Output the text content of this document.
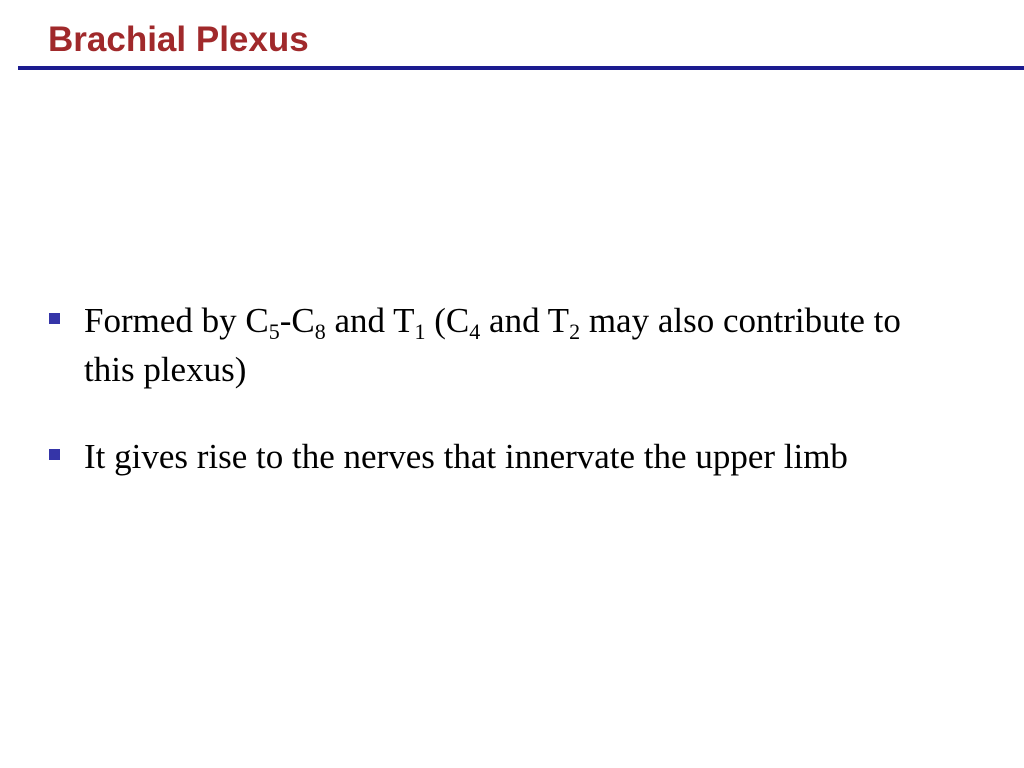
Brachial Plexus
Formed by $C_5-C_8$ and $T_1$ ($C_4$ and $T_2$ may also contribute to this plexus)
It gives rise to the nerves that innervate the upper limb
